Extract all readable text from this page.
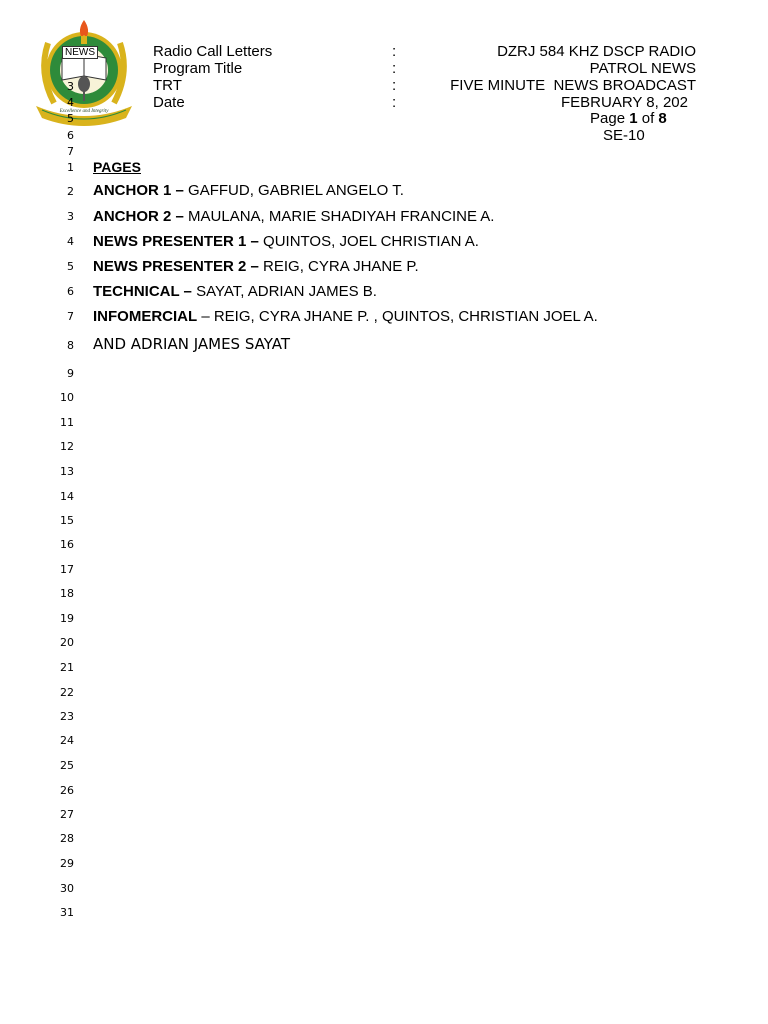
NEWS
Excellence and Integrity
Radio Call Letters	:	DZRJ 584 KHZ DSCP RADIO
Program Title	:	PATROL NEWS
TRT	:	FIVE MINUTE  NEWS BROADCAST
Date	:	FEBRUARY 8, 202
Page 1 of 8
SE-10
3
4
5
6
7
1
2
3
4
5
6
7
8
9
10
11
12
13
14
15
16
17
18
19
20
21
22
23
24
25
26
27
28
29
30
31
PAGES
ANCHOR 1 – GAFFUD, GABRIEL ANGELO T.
ANCHOR 2 – MAULANA, MARIE SHADIYAH FRANCINE A.
NEWS PRESENTER 1 – QUINTOS, JOEL CHRISTIAN A.
NEWS PRESENTER 2 – REIG, CYRA JHANE P.
TECHNICAL – SAYAT, ADRIAN JAMES B.
INFOMERCIAL – REIG, CYRA JHANE P. , QUINTOS, CHRISTIAN JOEL A.
AND ADRIAN JAMES SAYAT
